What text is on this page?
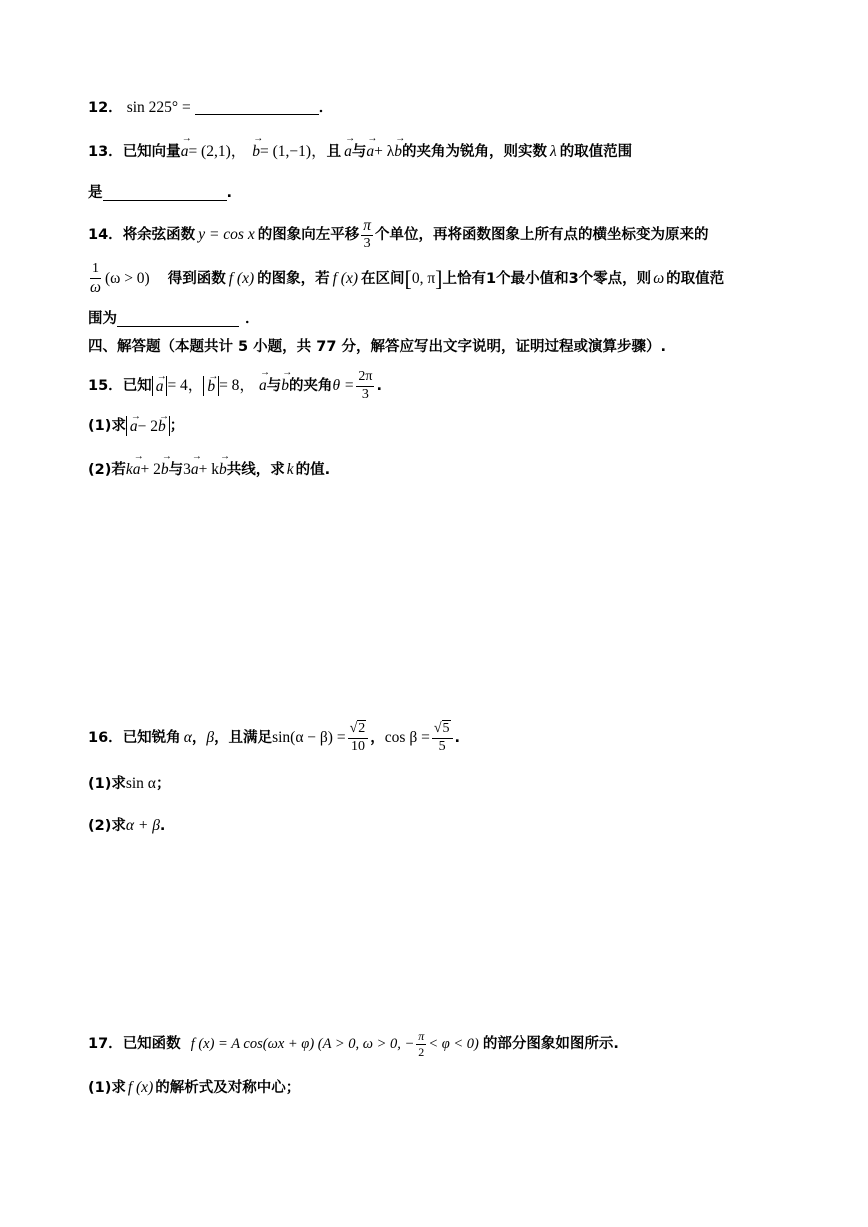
12． sin 225° =	．
13． 已知向量 → a = (2,1)， → b = (1,−1)， 且 → a 与 → a + λ → b 的夹角为锐角，则实数 λ 的取值范围
是	.
14． 将余弦函数 y = cos x 的图象向左平移 $\frac{\pi}{3}$ 个单位，再将函数图象上所有点的横坐标变为原来的
$\frac{1}{\omega} (\omega > 0)$ 得到函数 f (x) 的图象，若 f (x) 在区间 [ 0, π ] 上恰有1个最小值和3个零点，则 ω 的取值范
围为	．
四、解答题（本题共计 5 小题，共 77 分，解答应写出文字说明，证明过程或演算步骤）.
15． 已知 → a = 4， → b = 8， → a 与 → b 的夹角 $\theta = \frac{2\pi}{3}$ .
(1)求 → a− 2→ b ；
(2)若 k → a + 2 → b 与 3 → a + k → b 共线，求 k 的值.
16． 已知锐角 α ， β ，且满足 $\sin(\alpha - \beta) = \frac{√2}{10}$ ， $\cos \beta = \frac{√5}{5}$ .
(1)求 sin α ；
(2)求 α + β .
17． 已知函数 f (x) = A cos(ωx + φ) (A > 0, ω > 0, − $\frac{\pi}{2} < \varphi < 0$) 的部分图象如图所示.
(1)求 f (x) 的解析式及对称中心；
